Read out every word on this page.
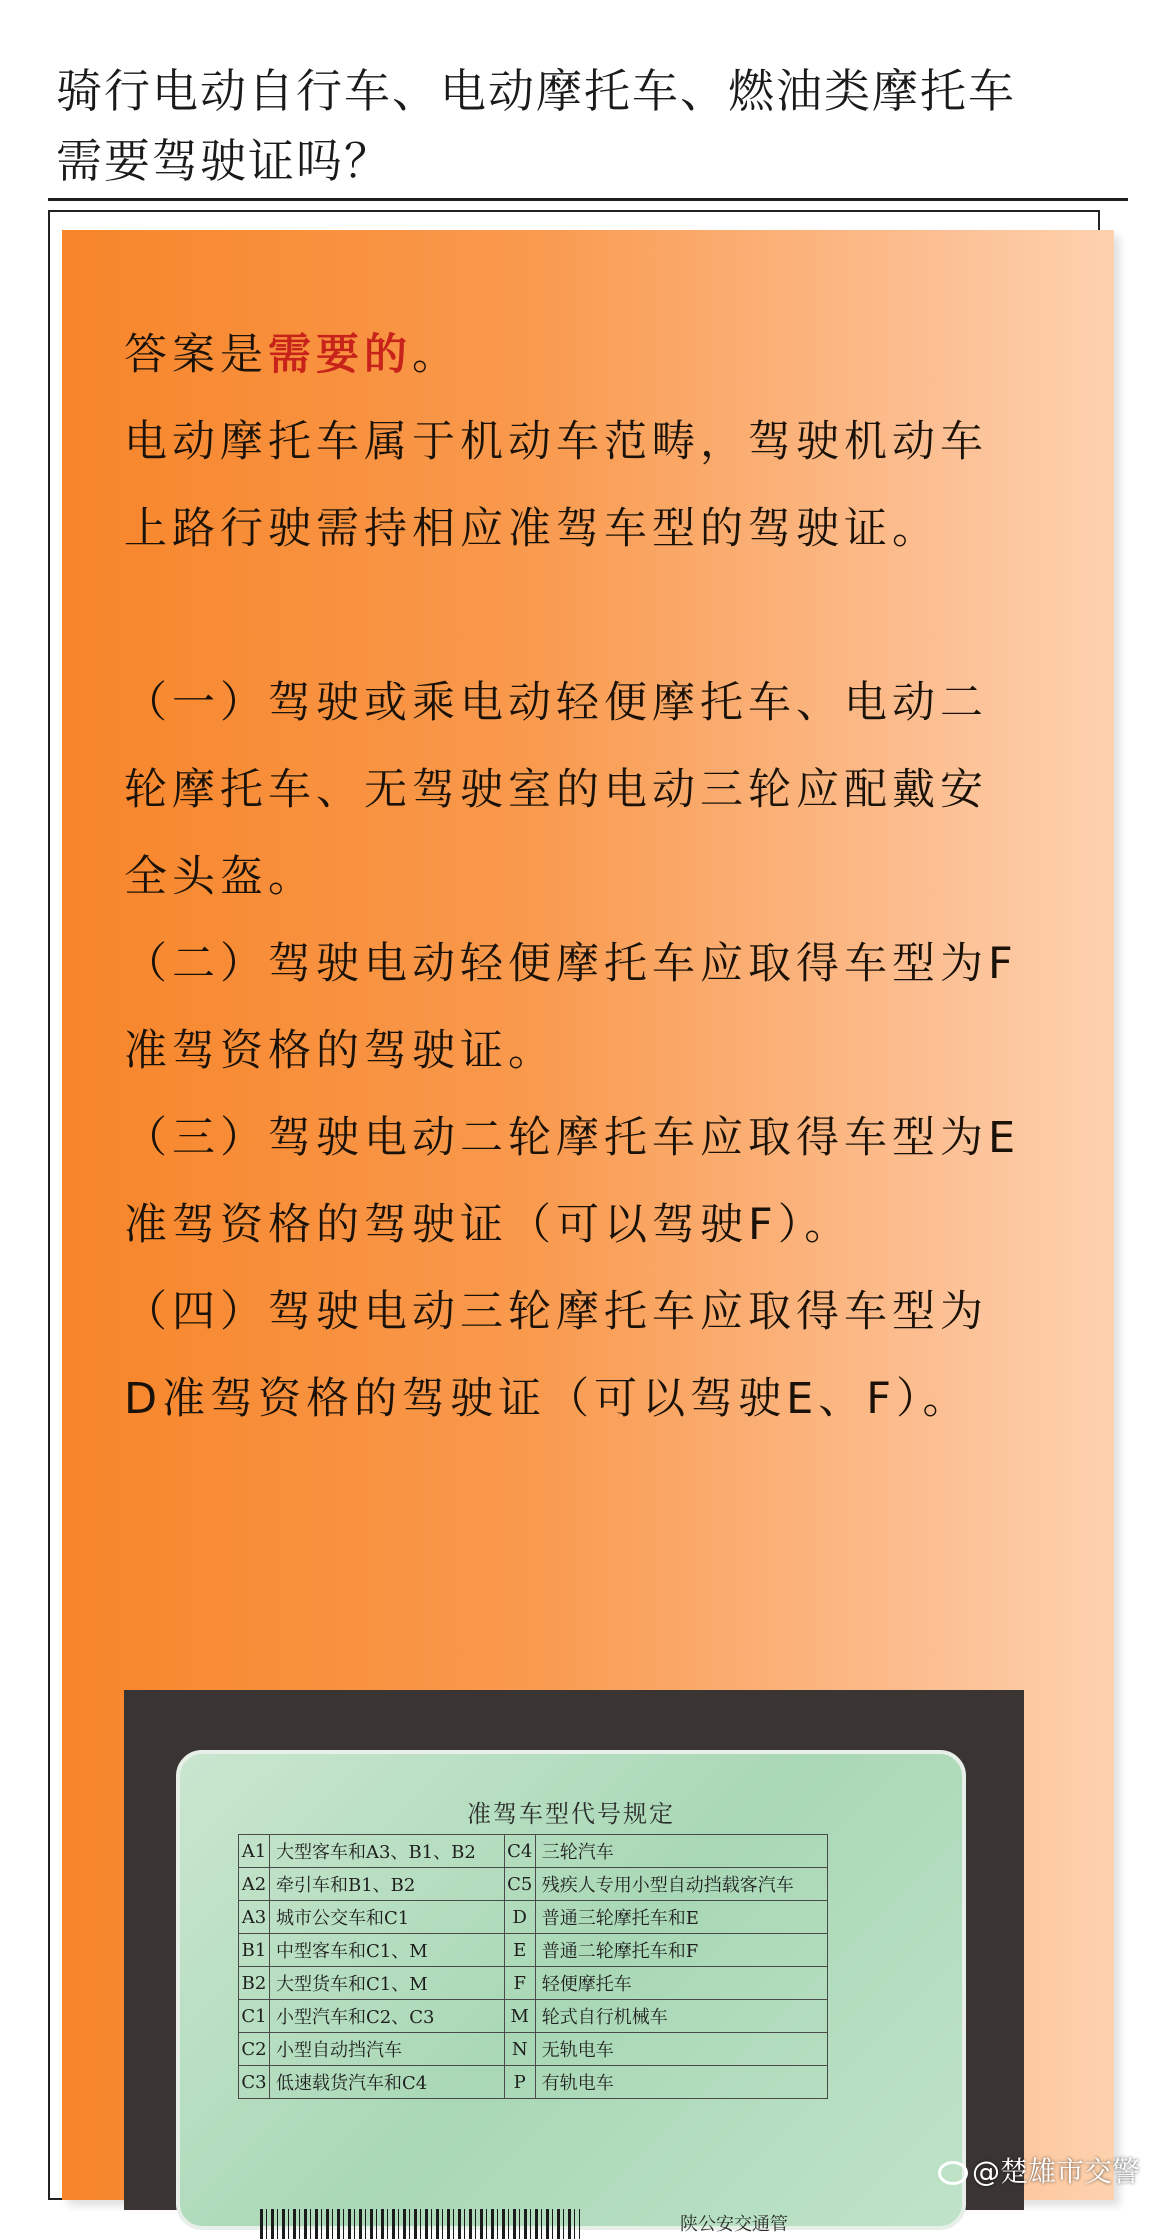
骑行电动自行车、电动摩托车、燃油类摩托车
需要驾驶证吗？

答案是需要的。

电动摩托车属于机动车范畴，驾驶机动车上路行驶需持相应准驾车型的驾驶证。

（一）驾驶或乘电动轻便摩托车、电动二轮摩托车、无驾驶室的电动三轮应配戴安全头盔。

（二）驾驶电动轻便摩托车应取得车型为F准驾资格的驾驶证。

（三）驾驶电动二轮摩托车应取得车型为E准驾资格的驾驶证（可以驾驶F）。

（四）驾驶电动三轮摩托车应取得车型为D准驾资格的驾驶证（可以驾驶E、F）。

准驾车型代号规定
A1	大型客车和A3、B1、B2	C4	三轮汽车
A2	牵引车和B1、B2	C5	残疾人专用小型自动挡载客汽车
A3	城市公交车和C1	D	普通三轮摩托车和E
B1	中型客车和C1、M	E	普通二轮摩托车和F
B2	大型货车和C1、M	F	轻便摩托车
C1	小型汽车和C2、C3	M	轮式自行机械车
C2	小型自动挡汽车	N	无轨电车
C3	低速载货汽车和C4	P	有轨电车
陕公安交通管
@楚雄市交警
